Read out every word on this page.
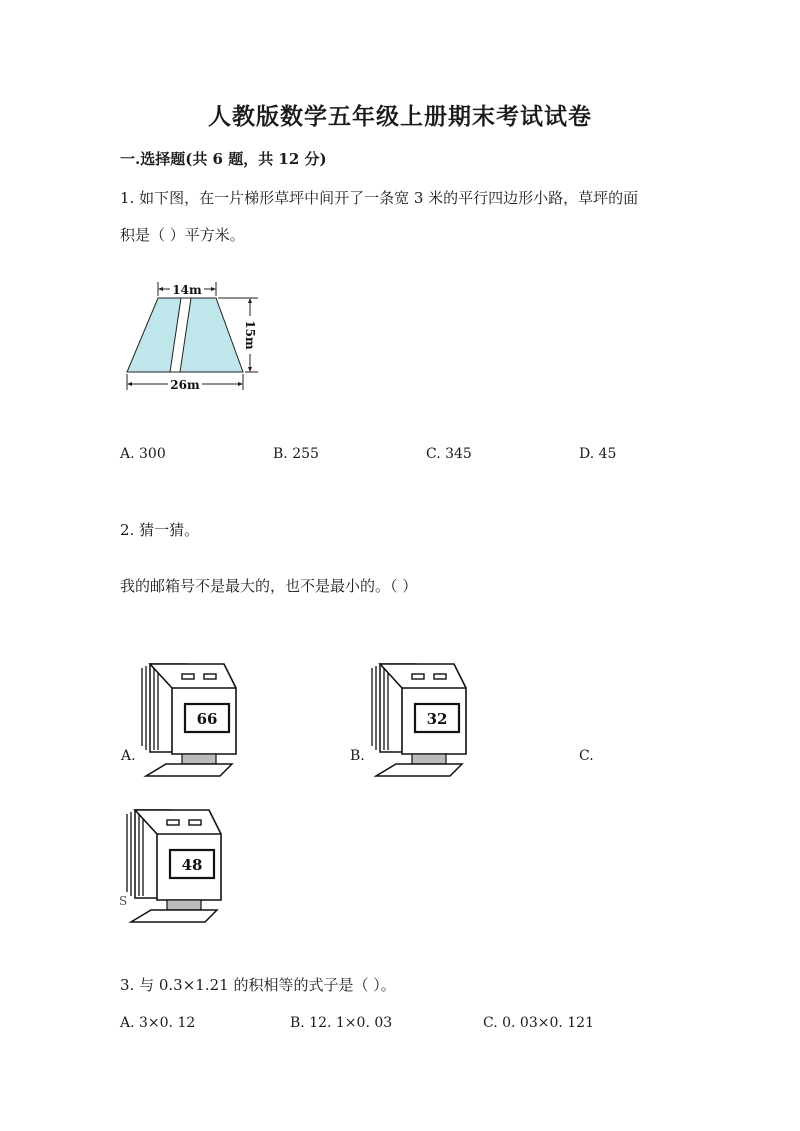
人教版数学五年级上册期末考试试卷
一.选择题(共 6 题，共 12 分)
1. 如下图，在一片梯形草坪中间开了一条宽 3 米的平行四边形小路，草坪的面
积是（ ）平方米。
14m
15m
26m
A. 300	B. 255	C. 345	D. 45
2. 猜一猜。
我的邮箱号不是最大的，也不是最小的。（ ）
66
A.
32
B.	C.
48
S
3. 与 0.3×1.21 的积相等的式子是（ ）。
A. 3×0. 12	B. 12. 1×0. 03	C. 0. 03×0. 121
